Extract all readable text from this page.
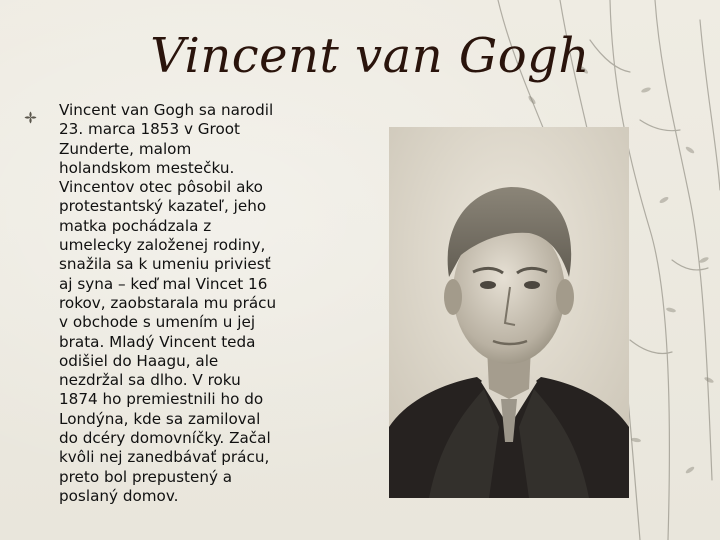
Vincent van Gogh

Vincent van Gogh sa narodil
23. marca 1853 v Groot
Zunderte, malom
holandskom mestečku.
Vincentov otec pôsobil ako
protestantský kazateľ, jeho
matka pochádzala z
umelecky založenej rodiny,
snažila sa k umeniu priviesť
aj syna – keď mal Vincet 16
rokov, zaobstarala mu prácu
v obchode s umením u jej
brata. Mladý Vincent teda
odišiel do Haagu, ale
nezdržal sa dlho. V roku
1874 ho premiestnili ho do
Londýna, kde sa zamiloval
do dcéry domovníčky. Začal
kvôli nej zanedbávať prácu,
preto bol prepustený a
poslaný domov.
